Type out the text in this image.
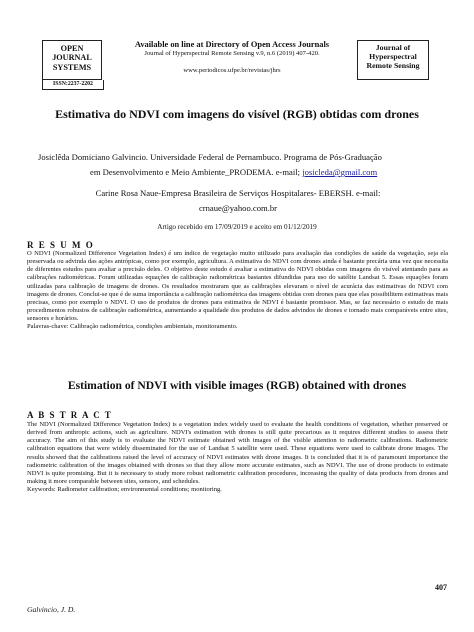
OPEN
JOURNAL
SYSTEMS
ISSN:2237-2202
Available on line at Directory of Open Access Journals
Journal of Hyperspectral Remote Sensing v.9, n.6 (2019) 407-420.
www.periodicos.ufpe.br/revistas/jhrs
Journal of
Hyperspectral
Remote Sensing
Estimativa do NDVI com imagens do visível (RGB) obtidas com drones
Josiclêda Domiciano Galvincio. Universidade Federal de Pernambuco. Programa de Pós-Graduação
em Desenvolvimento e Meio Ambiente_PRODEMA. e-mail; josicleda@gmail.com
Carine Rosa Naue-Empresa Brasileira de Serviços Hospitalares- EBERSH. e-mail:
crnaue@yahoo.com.br
Artigo recebido em 17/09/2019 e aceito em 01/12/2019
R E S U M O
O NDVI (Normalized Difference Vegetation Index) é um índice de vegetação muito utilizado para avaliação das condições de saúde da vegetação, seja ela preservada ou advinda das ações antrópicas, como por exemplo, agricultura. A estimativa do NDVI com drones ainda é bastante precária uma vez que necessita de diferentes estudos para avaliar a precisão deles. O objetivo deste estudo é avaliar a estimativa do NDVI obtidas com imagens do visível atentando para as calibrações radiométricas. Foram utilizadas equações de calibração radiométricas bastantes difundidas para uso do satélite Landsat 5. Essas equações foram utilizadas para calibração de imagens de drones. Os resultados mostraram que as calibrações elevaram o nível de acurácia das estimativas do NDVI com imagens de drones. Conclui-se que é de suma importância a calibração radiométrica das imagens obtidas com drones para que elas possibilitem estimativas mais precisas, como por exemplo o NDVI. O uso de produtos de drones para estimativa de NDVI é bastante promissor. Mas, se faz necessário o estudo de mais procedimentos robustos de calibração radiométrica, aumentando a qualidade dos produtos de dados advindos de drones e tornado mais comparáveis entre sites, sensores e horários.
Palavras-chave: Calibração radiométrica, condições ambientais, monitoramento.
Estimation of NDVI with visible images (RGB) obtained with drones
A B S T R A C T
The NDVI (Normalized Difference Vegetation Index) is a vegetation index widely used to evaluate the health conditions of vegetation, whether preserved or derived from anthropic actions, such as agriculture. NDVI's estimation with drones is still quite precarious as it requires different studies to assess their accuracy. The aim of this study is to evaluate the NDVI estimate obtained with images of the visible attention to radiometric calibrations. Radiometric calibration equations that were widely disseminated for the use of Landsat 5 satellite were used. These equations were used to calibrate drone images. The results showed that the calibrations raised the level of accuracy of NDVI estimates with drone images. It is concluded that it is of paramount importance the radiometric calibration of the images obtained with drones so that they allow more accurate estimates, such as NDVI. The use of drone products to estimate NDVI is quite promising. But it is necessary to study more robust radiometric calibration procedures, increasing the quality of data products from drones and making it more comparable between sites, sensors, and schedules.
Keywords: Radiometer calibration; environmental conditions; monitoring.
407
Galvincio, J. D.
